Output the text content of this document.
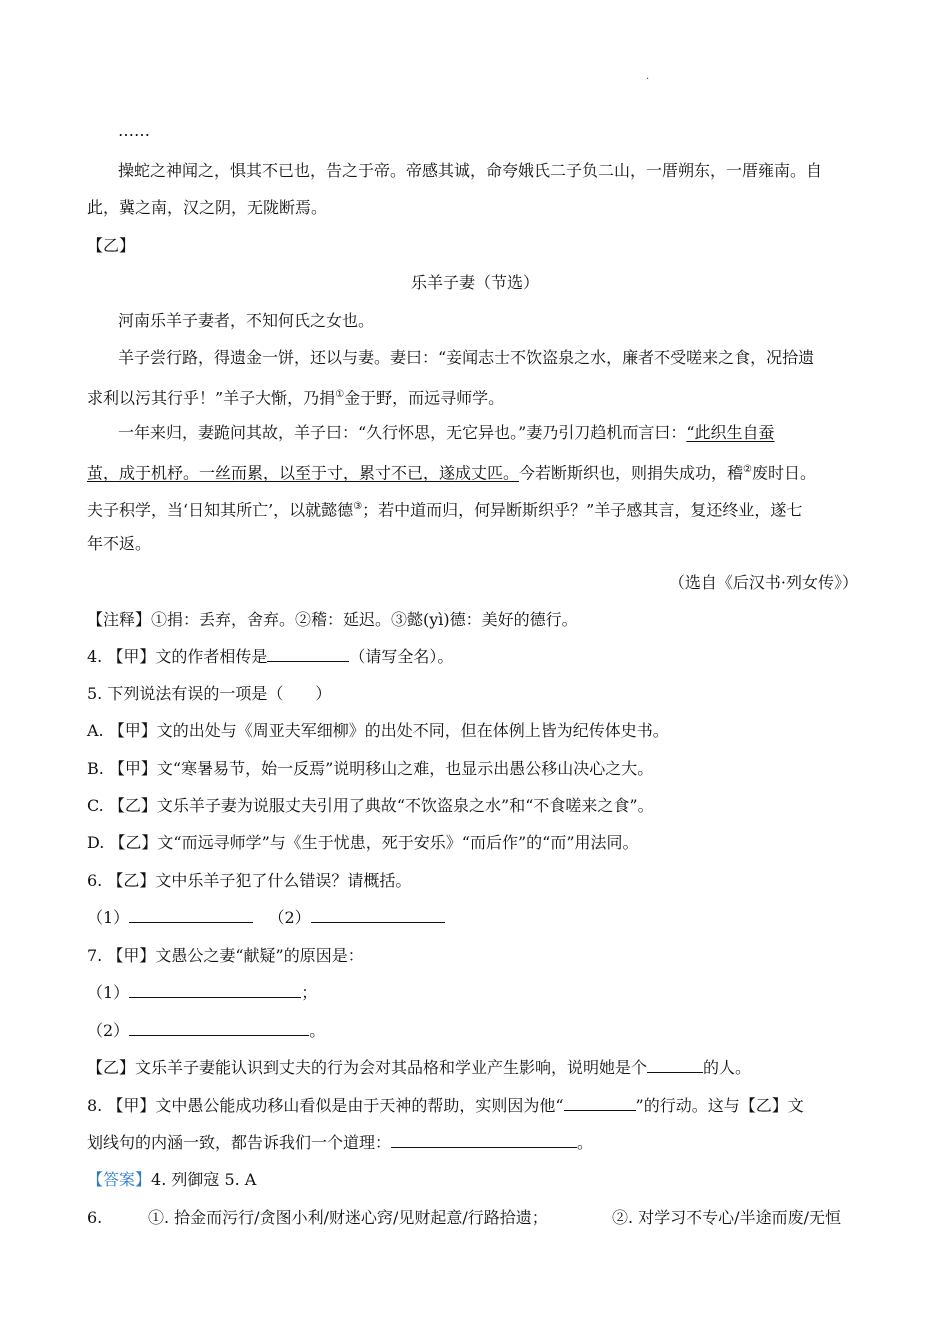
·
……
操蛇之神闻之，惧其不已也，告之于帝。帝感其诚，命夸娥氏二子负二山，一厝朔东，一厝雍南。自
此，冀之南，汉之阴，无陇断焉。
【乙】
乐羊子妻（节选）
河南乐羊子妻者，不知何氏之女也。
羊子尝行路，得遗金一饼，还以与妻。妻曰：“妾闻志士不饮盗泉之水，廉者不受嗟来之食，况拾遗
求利以污其行乎！”羊子大惭，乃捐①金于野，而远寻师学。
一年来归，妻跪问其故，羊子曰：“久行怀思，无它异也。”妻乃引刀趋机而言曰：“此织生自蚕
茧，成于机杼。一丝而累，以至于寸，累寸不已，遂成丈匹。今若断斯织也，则捐失成功，稽②废时日。
夫子积学，当‘日知其所亡’，以就懿德③；若中道而归，何异断斯织乎？”羊子感其言，复还终业，遂七
年不返。
（选自《后汉书·列女传》）
【注释】①捐：丢弃，舍弃。②稽：延迟。③懿(yì)德：美好的德行。
4. 【甲】文的作者相传是	（请写全名）。
5. 下列说法有误的一项是（　　）
A. 【甲】文的出处与《周亚夫军细柳》的出处不同，但在体例上皆为纪传体史书。
B. 【甲】文“寒暑易节，始一反焉”说明移山之难，也显示出愚公移山决心之大。
C. 【乙】文乐羊子妻为说服丈夫引用了典故“不饮盗泉之水”和“不食嗟来之食”。
D. 【乙】文“而远寻师学”与《生于忧患，死于安乐》“而后作”的“而”用法同。
6. 【乙】文中乐羊子犯了什么错误？请概括。
（1）	（2）
7. 【甲】文愚公之妻“献疑”的原因是：
（1）	；
（2）	。
【乙】文乐羊子妻能认识到丈夫的行为会对其品格和学业产生影响，说明她是个	的人。
8. 【甲】文中愚公能成功移山看似是由于天神的帮助，实则因为他“	”的行动。这与【乙】文
划线句的内涵一致，都告诉我们一个道理：	。
【答案】4. 列御寇 5. A
6.	①. 拾金而污行/贪图小利/财迷心窍/见财起意/行路拾遗；	②. 对学习不专心/半途而废/无恒
